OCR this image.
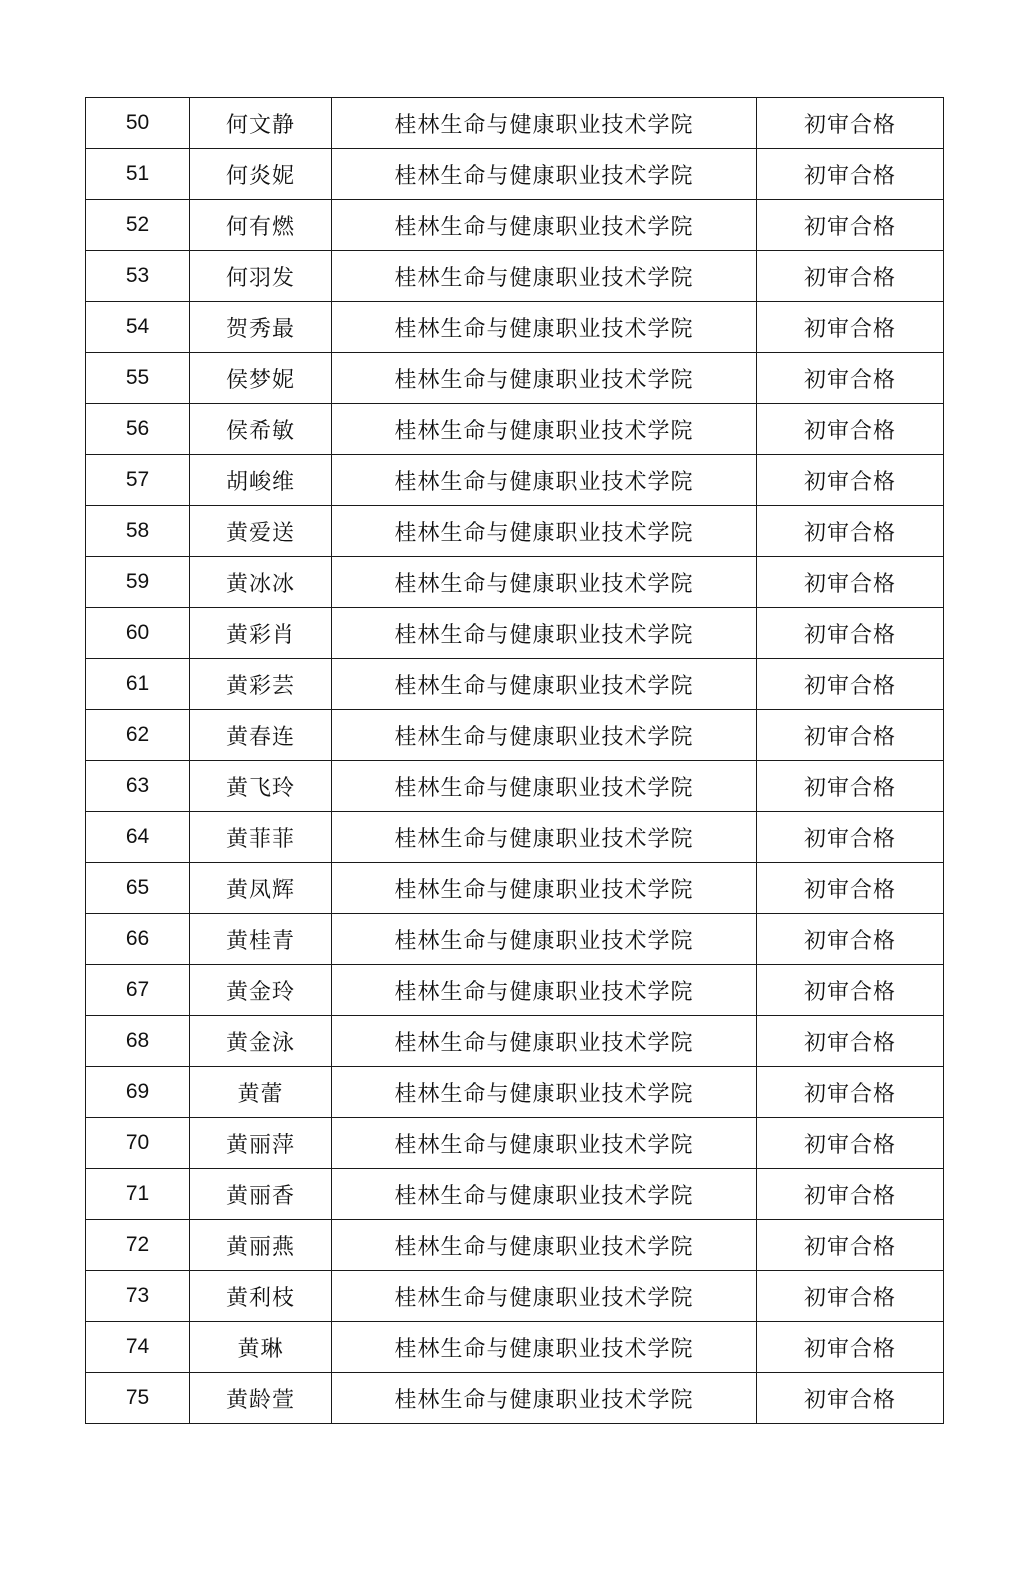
50	何文静	桂林生命与健康职业技术学院	初审合格
51	何炎妮	桂林生命与健康职业技术学院	初审合格
52	何有燃	桂林生命与健康职业技术学院	初审合格
53	何羽发	桂林生命与健康职业技术学院	初审合格
54	贺秀最	桂林生命与健康职业技术学院	初审合格
55	侯梦妮	桂林生命与健康职业技术学院	初审合格
56	侯希敏	桂林生命与健康职业技术学院	初审合格
57	胡峻维	桂林生命与健康职业技术学院	初审合格
58	黄爱送	桂林生命与健康职业技术学院	初审合格
59	黄冰冰	桂林生命与健康职业技术学院	初审合格
60	黄彩肖	桂林生命与健康职业技术学院	初审合格
61	黄彩芸	桂林生命与健康职业技术学院	初审合格
62	黄春连	桂林生命与健康职业技术学院	初审合格
63	黄飞玲	桂林生命与健康职业技术学院	初审合格
64	黄菲菲	桂林生命与健康职业技术学院	初审合格
65	黄凤辉	桂林生命与健康职业技术学院	初审合格
66	黄桂青	桂林生命与健康职业技术学院	初审合格
67	黄金玲	桂林生命与健康职业技术学院	初审合格
68	黄金泳	桂林生命与健康职业技术学院	初审合格
69	黄蕾	桂林生命与健康职业技术学院	初审合格
70	黄丽萍	桂林生命与健康职业技术学院	初审合格
71	黄丽香	桂林生命与健康职业技术学院	初审合格
72	黄丽燕	桂林生命与健康职业技术学院	初审合格
73	黄利枝	桂林生命与健康职业技术学院	初审合格
74	黄琳	桂林生命与健康职业技术学院	初审合格
75	黄龄萱	桂林生命与健康职业技术学院	初审合格
